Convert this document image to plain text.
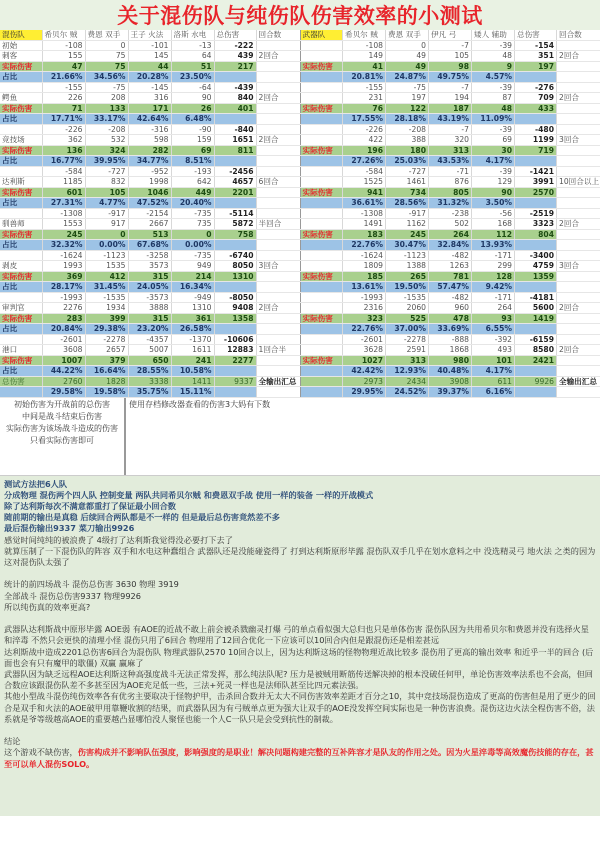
关于混伤队与纯伤队伤害效率的小测试
混伤队	希贝尔 贼	费恩 双手	王子 火法	洛斯 水电	总伤害	回合数
初始	-108	0	-101	-13	-222	
刺客	155	75	145	64	439	2回合
实际伤害	47	75	44	51	217	
占比	21.66%	34.56%	20.28%	23.50%		
	-155	-75	-145	-64	-439	
鳄鱼	226	208	316	90	840	2回合
实际伤害	71	133	171	26	401	
占比	17.71%	33.17%	42.64%	6.48%		
	-226	-208	-316	-90	-840	
竞技场	362	532	598	159	1651	2回合
实际伤害	136	324	282	69	811	
占比	16.77%	39.95%	34.77%	8.51%		
	-584	-727	-952	-193	-2456	
达利斯	1185	832	1998	642	4657	6回合
实际伤害	601	105	1046	449	2201	
占比	27.31%	4.77%	47.52%	20.40%		
	-1308	-917	-2154	-735	-5114	
驯兽师	1553	917	2667	735	5872	半回合
实际伤害	245	0	513	0	758	
占比	32.32%	0.00%	67.68%	0.00%		
	-1624	-1123	-3258	-735	-6740	
剥皮	1993	1535	3573	949	8050	3回合
实际伤害	369	412	315	214	1310	
占比	28.17%	31.45%	24.05%	16.34%		
	-1993	-1535	-3573	-949	-8050	
审判官	2276	1934	3888	1310	9408	2回合
实际伤害	283	399	315	361	1358	
占比	20.84%	29.38%	23.20%	26.58%		
	-2601	-2278	-4357	-1370	-10606	
港口	3608	2657	5007	1611	12883	1回合半
实际伤害	1007	379	650	241	2277	
占比	44.22%	16.64%	28.55%	10.58%		
总伤害	2760	1828	3338	1411	9337	全输出汇总
	29.58%	19.58%	35.75%	15.11%		
武器队	希贝尔 贼	费恩 双手	伊凡 弓	矮人 辅助	总伤害	回合数
	-108	0	-7	-39	-154	
	149	49	105	48	351	2回合
实际伤害	41	49	98	9	197	
	20.81%	24.87%	49.75%	4.57%		
	-155	-75	-7	-39	-276	
	231	197	194	87	709	2回合
实际伤害	76	122	187	48	433	
	17.55%	28.18%	43.19%	11.09%		
	-226	-208	-7	-39	-480	
	422	388	320	69	1199	3回合
实际伤害	196	180	313	30	719	
	27.26%	25.03%	43.53%	4.17%		
	-584	-727	-71	-39	-1421	
	1525	1461	876	129	3991	10回合以上
实际伤害	941	734	805	90	2570	
	36.61%	28.56%	31.32%	3.50%		
	-1308	-917	-238	-56	-2519	
	1491	1162	502	168	3323	2回合
实际伤害	183	245	264	112	804	
	22.76%	30.47%	32.84%	13.93%		
	-1624	-1123	-482	-171	-3400	
	1809	1388	1263	299	4759	3回合
实际伤害	185	265	781	128	1359	
	13.61%	19.50%	57.47%	9.42%		
	-1993	-1535	-482	-171	-4181	
	2316	2060	960	264	5600	2回合
实际伤害	323	525	478	93	1419	
	22.76%	37.00%	33.69%	6.55%		
	-2601	-2278	-888	-392	-6159	
	3628	2591	1868	493	8580	2回合
实际伤害	1027	313	980	101	2421	
	42.42%	12.93%	40.48%	4.17%		
	2973	2434	3908	611	9926	全输出汇总
	29.95%	24.52%	39.37%	6.16%		
初始伤害为开战前的总伤害
中间是战斗结束后伤害
实际伤害为该场战斗造成的伤害
只看实际伤害即可
使用存档修改器查看的伤害3大妈有下数

测试方法把6人队

分成物理 混伤两个四人队 控制变量 两队共同希贝尔贼 和费恩双手战 使用一样的装备 一样的开战模式

除了达利斯每次不满意都重打了保证最小回合数

随前期的输出是真稳 后续回合两队都是不一样的 但是最后总伤害竟然差不多

最后混伤输出9337 菜刀输出9926

感觉时间纯纯的被浪费了 4级打了达利斯我觉得没必要打下去了

就算压制了一下混伤队的阵容 双手和水电这种蠢组合 武器队还是没能碰瓷得了 打到达利斯原形毕露 混伤队双手几乎在划水意料之中 没选精灵弓 地火法 之类的因为这对混伤队太强了

统计的前四场战斗 混伤总伤害 3630 物理 3919

全部战斗 混伤总伤害9337 物理9926

所以纯伤真的效率更高?

武器队达利斯战中原形毕露 AOE弱 有AOE的近战不敢上前会被杀戮幽灵打爆 弓的单点看似强大总归也只是单体伤害 混伤队因为共用希贝尔和费恩并没有选择火星和淬毒 不然只会更快的清理小怪 混伤只用了6回合 物理用了12回合优化一下应该可以10回合内但是跟混伤还是相差甚远

达利斯战中造成2201总伤害6回合为混伤队 物理武器队2570 10回合以上，因为达利斯这场的怪物物理近战比较多 混伤用了更高的输出效率 和近乎一半的回合 (后面也会有只有魔甲的歇僵) 双赢 赢麻了

武器队因为缺乏远程AOE达利斯这种高强度战斗无法正常发挥，那么纯法队呢? 压力是被贼用断筋传送解决掉的根本没破任何甲，单论伤害效率法系也不会高，但回合数应该跟混伤队差不多甚至因为AOE充足低一些，三法+死灵一样也是法师队甚至比四元素法强。

其他小型战斗混伤纯伤效率各有优劣主要取决于怪物护甲，击杀回合数并无太大不同伤害效率差距才百分之10，其中竞技场混伤造成了更高的伤害但是用了更少的回合是双手和火法的AOE破甲用靠鞭收割的结果，而武器队因为有弓贼单点更为强大让双手的AOE没发挥空间实际也是一种伤害浪费。混伤这边火法全程伤害不俗，法系就是爷等级越高AOE的重要越凸显哪怕没人聚怪也能一个人C一队只是会受到抗性的制裁。

结论

这个游戏不缺伤害，伤害构成并不影响队伍强度，影响强度的是职业！解决问题构建完整的互补阵容才是队友的作用之处。因为火星淬毒等高效魔伤技能的存在，甚至可以单人混伤SOLO。
